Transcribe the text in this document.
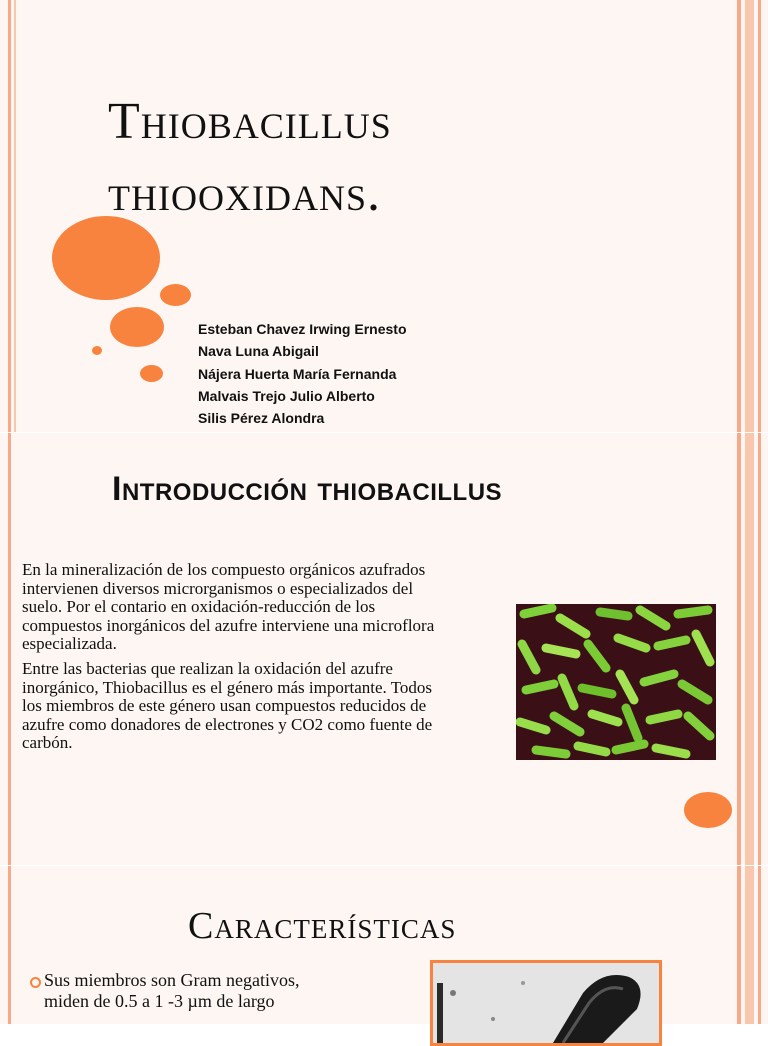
Thiobacillus
thiooxidans.
Esteban Chavez Irwing Ernesto
Nava Luna Abigail
Nájera Huerta María Fernanda
Malvais Trejo Julio Alberto
Silis Pérez Alondra
Introducción thiobacillus

En la mineralización de los compuesto orgánicos azufrados intervienen diversos microrganismos o especializados del suelo. Por el contario en oxidación-reducción de los compuestos inorgánicos del azufre interviene una microflora especializada.

Entre las bacterias que realizan la oxidación del azufre inorgánico, Thiobacillus es el género más importante. Todos los miembros de este género usan compuestos reducidos de azufre como donadores de electrones y CO2 como fuente de carbón.

Características
Sus miembros son Gram negativos, miden de 0.5 a 1 -3 µm de largo
